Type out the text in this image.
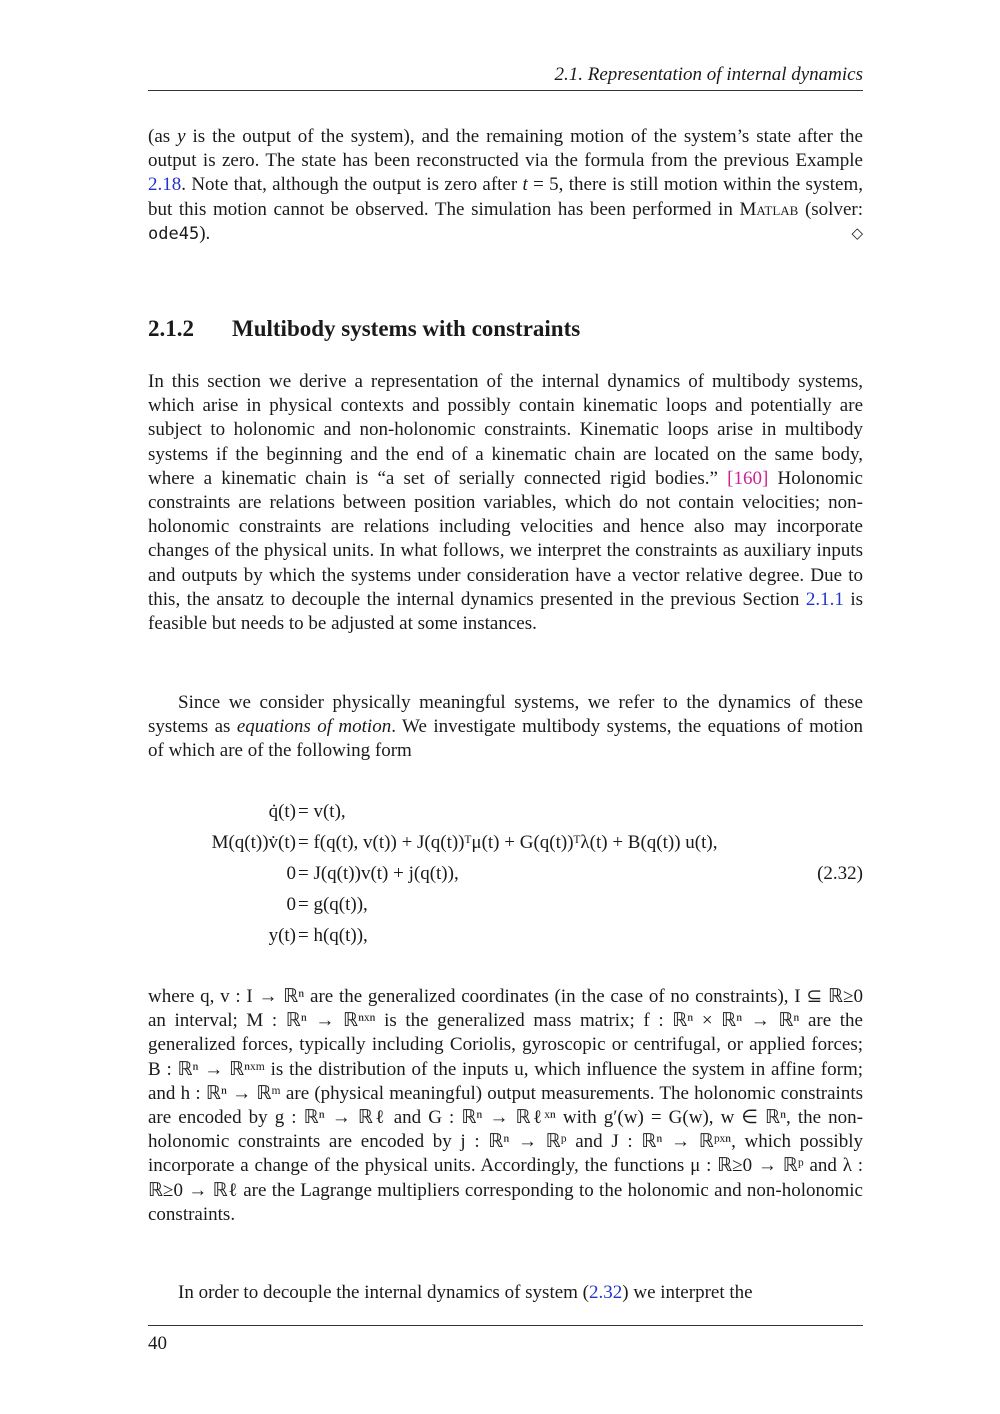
2.1. Representation of internal dynamics

(as y is the output of the system), and the remaining motion of the system’s state after the output is zero. The state has been reconstructed via the formula from the previous Example 2.18. Note that, although the output is zero after t = 5, there is still motion within the system, but this motion cannot be observed. The simulation has been performed in Matlab (solver: ode45).	◇

2.1.2 Multibody systems with constraints

In this section we derive a representation of the internal dynamics of multibody systems, which arise in physical contexts and possibly contain kinematic loops and potentially are subject to holonomic and non-holonomic constraints. Kinematic loops arise in multibody systems if the beginning and the end of a kinematic chain are located on the same body, where a kinematic chain is “a set of serially connected rigid bodies.” [160] Holonomic constraints are relations between position variables, which do not contain velocities; non-holonomic constraints are relations including velocities and hence also may incorporate changes of the physical units. In what follows, we interpret the constraints as auxiliary inputs and outputs by which the systems under consideration have a vector relative degree. Due to this, the ansatz to decouple the internal dynamics presented in the previous Section 2.1.1 is feasible but needs to be adjusted at some instances.

Since we consider physically meaningful systems, we refer to the dynamics of these systems as equations of motion. We investigate multibody systems, the equations of motion of which are of the following form

q̇(t) = v(t),
M(q(t))v̇(t) = f(q(t), v(t)) + J(q(t))ᵀμ(t) + G(q(t))ᵀλ(t) + B(q(t)) u(t),
0 = J(q(t))v(t) + j(q(t)),
0 = g(q(t)),
y(t) = h(q(t)),
(2.32)

where q, v : I → ℝⁿ are the generalized coordinates (in the case of no constraints), I ⊆ ℝ≥0 an interval; M : ℝⁿ → ℝⁿˣⁿ is the generalized mass matrix; f : ℝⁿ × ℝⁿ → ℝⁿ are the generalized forces, typically including Coriolis, gyroscopic or centrifugal, or applied forces; B : ℝⁿ → ℝⁿˣᵐ is the distribution of the inputs u, which influence the system in affine form; and h : ℝⁿ → ℝᵐ are (physical meaningful) output measurements. The holonomic constraints are encoded by g : ℝⁿ → ℝℓ and G : ℝⁿ → ℝℓˣⁿ with g′(w) = G(w), w ∈ ℝⁿ, the non-holonomic constraints are encoded by j : ℝⁿ → ℝᵖ and J : ℝⁿ → ℝᵖˣⁿ, which possibly incorporate a change of the physical units. Accordingly, the functions μ : ℝ≥0 → ℝᵖ and λ : ℝ≥0 → ℝℓ are the Lagrange multipliers corresponding to the holonomic and non-holonomic constraints.

In order to decouple the internal dynamics of system (2.32) we interpret the

40
